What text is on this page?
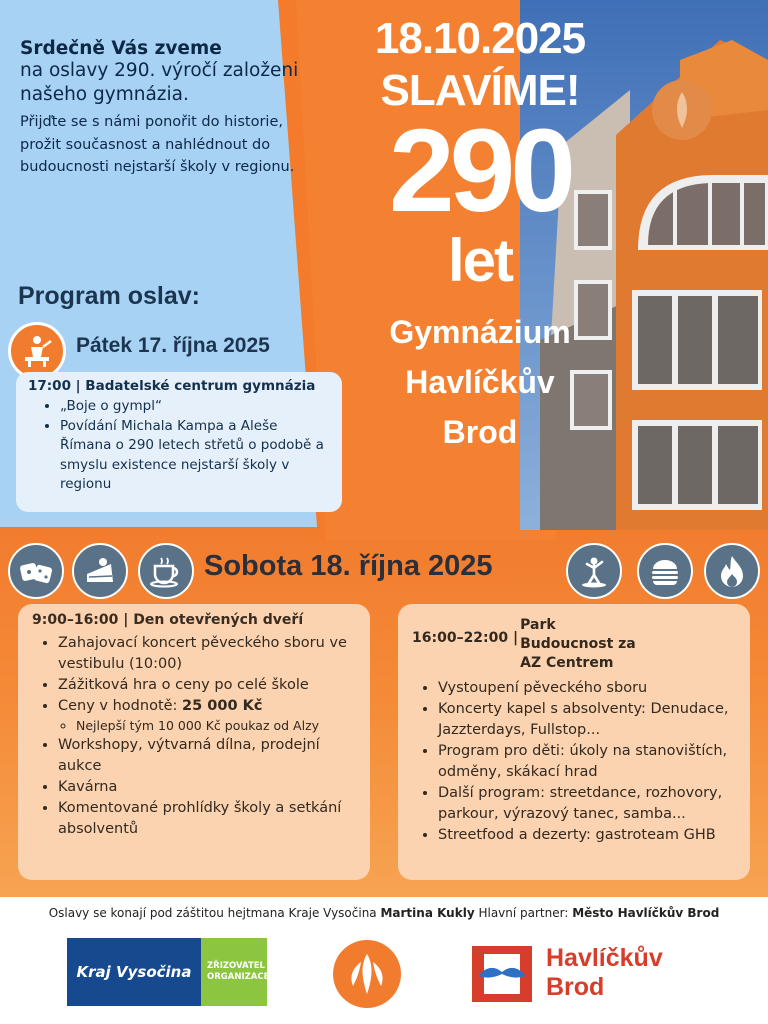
18.10.2025
SLAVÍME!
290
let
Gymnázium
Havlíčkův
Brod
Srdečně Vás zveme
na oslavy 290. výročí založeni našeho gymnázia.
Přijďte se s námi ponořit do historie, prožit současnost a nahlédnout do budoucnosti nejstarší školy v regionu.
Program oslav:
Pátek 17. října 2025
17:00 | Badatelské centrum gymnázia
• „Boje o gympl“
• Povídání Michala Kampa a Aleše Římana o 290 letech střetů o podobě a smyslu existence nejstarší školy v regionu
Sobota 18. října 2025
9:00–16:00 | Den otevřených dveří
• Zahajovací koncert pěveckého sboru ve vestibulu (10:00)
• Zážitková hra o ceny po celé škole
• Ceny v hodnotě: 25 000 Kč
◦ Nejlepší tým 10 000 Kč poukaz od Alzy
• Workshopy, výtvarná dílna, prodejní aukce
• Kavárna
• Komentované prohlídky školy a setkání absolventů
16:00–22:00 |
Park Budoucnost za AZ Centrem
• Vystoupení pěveckého sboru
• Koncerty kapel s absolventy: Denudace, Jazzterdays, Fullstop...
• Program pro děti: úkoly na stanovištích, odměny, skákací hrad
• Další program: streetdance, rozhovory, parkour, výrazový tanec, samba...
• Streetfood a dezerty: gastroteam GHB
Oslavy se konají pod záštitou hejtmana Kraje Vysočina Martina Kukly Hlavní partner: Město Havlíčkův Brod
Kraj Vysočina ZŘIZOVATEL
ORGANIZACE
Havlíčkův
Brod
